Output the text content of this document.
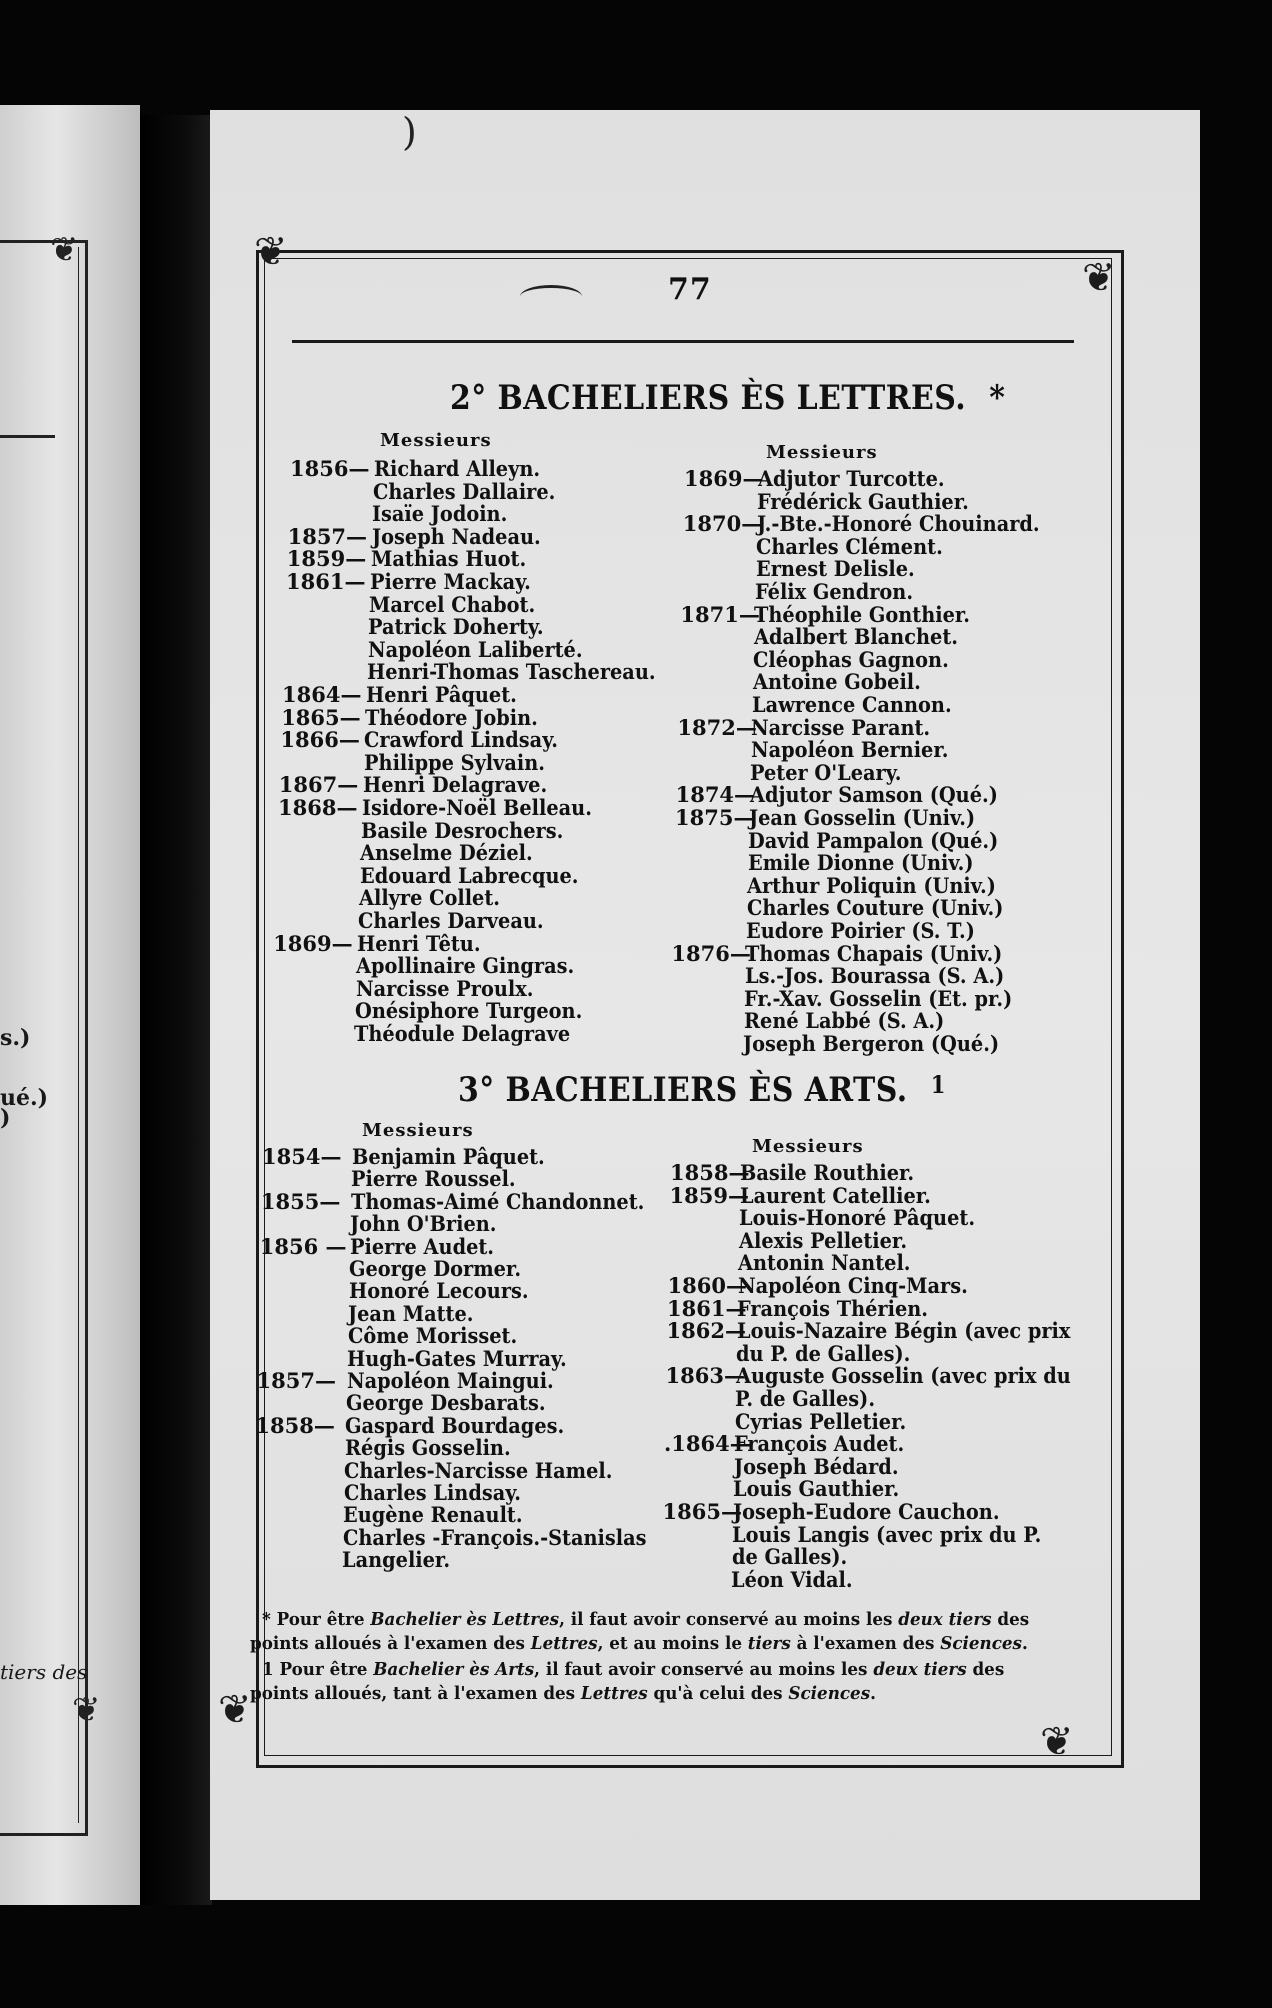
❦
❦
s.)
ué.)
)
tiers des
)
❦
❦
❦
❦
77
2° BACHELIERS ÈS LETTRES. *
Messieurs
Messieurs
1856— Richard Alleyn.
Charles Dallaire.
Isaïe Jodoin.
1857— Joseph Nadeau.
1859— Mathias Huot.
1861— Pierre Mackay.
Marcel Chabot.
Patrick Doherty.
Napoléon Laliberté.
Henri-Thomas Taschereau.
1864— Henri Pâquet.
1865— Théodore Jobin.
1866— Crawford Lindsay.
Philippe Sylvain.
1867— Henri Delagrave.
1868— Isidore-Noël Belleau.
Basile Desrochers.
Anselme Déziel.
Edouard Labrecque.
Allyre Collet.
Charles Darveau.
1869— Henri Têtu.
Apollinaire Gingras.
Narcisse Proulx.
Onésiphore Turgeon.
Théodule Delagrave
1869—
Adjutor Turcotte.
Frédérick Gauthier.
1870—
J.-Bte.-Honoré Chouinard.
Charles Clément.
Ernest Delisle.
Félix Gendron.
1871—
Théophile Gonthier.
Adalbert Blanchet.
Cléophas Gagnon.
Antoine Gobeil.
Lawrence Cannon.
1872—
Narcisse Parant.
Napoléon Bernier.
Peter O'Leary.
1874—
Adjutor Samson (Qué.)
1875—
Jean Gosselin (Univ.)
David Pampalon (Qué.)
Emile Dionne (Univ.)
Arthur Poliquin (Univ.)
Charles Couture (Univ.)
Eudore Poirier (S. T.)
1876—
Thomas Chapais (Univ.)
Ls.-Jos. Bourassa (S. A.)
Fr.-Xav. Gosselin (Et. pr.)
René Labbé (S. A.)
Joseph Bergeron (Qué.)
3° BACHELIERS ÈS ARTS. $^1$
Messieurs
Messieurs
1854— Benjamin Pâquet.
Pierre Roussel.
1855— Thomas-Aimé Chandonnet.
John O'Brien.
1856 — Pierre Audet.
George Dormer.
Honoré Lecours.
Jean Matte.
Côme Morisset.
Hugh-Gates Murray.
1857— Napoléon Maingui.
George Desbarats.
1858— Gaspard Bourdages.
Régis Gosselin.
Charles-Narcisse Hamel.
Charles Lindsay.
Eugène Renault.
Charles -François.-Stanislas
Langelier.
1858—
Basile Routhier.
1859—
Laurent Catellier.
Louis-Honoré Pâquet.
Alexis Pelletier.
Antonin Nantel.
1860—
Napoléon Cinq-Mars.
1861—
François Thérien.
1862—
Louis-Nazaire Bégin (avec prix
du P. de Galles).
1863—
Auguste Gosselin (avec prix du
P. de Galles).
Cyrias Pelletier.
.1864—
François Audet.
Joseph Bédard.
Louis Gauthier.
1865—
Joseph-Eudore Cauchon.
Louis Langis (avec prix du P.
de Galles).
Léon Vidal.
* Pour être Bachelier ès Lettres, il faut avoir conservé au moins les deux tiers des
points alloués à l'examen des Lettres, et au moins le tiers à l'examen des Sciences.
1 Pour être Bachelier ès Arts, il faut avoir conservé au moins les deux tiers des
points alloués, tant à l'examen des Lettres qu'à celui des Sciences.
